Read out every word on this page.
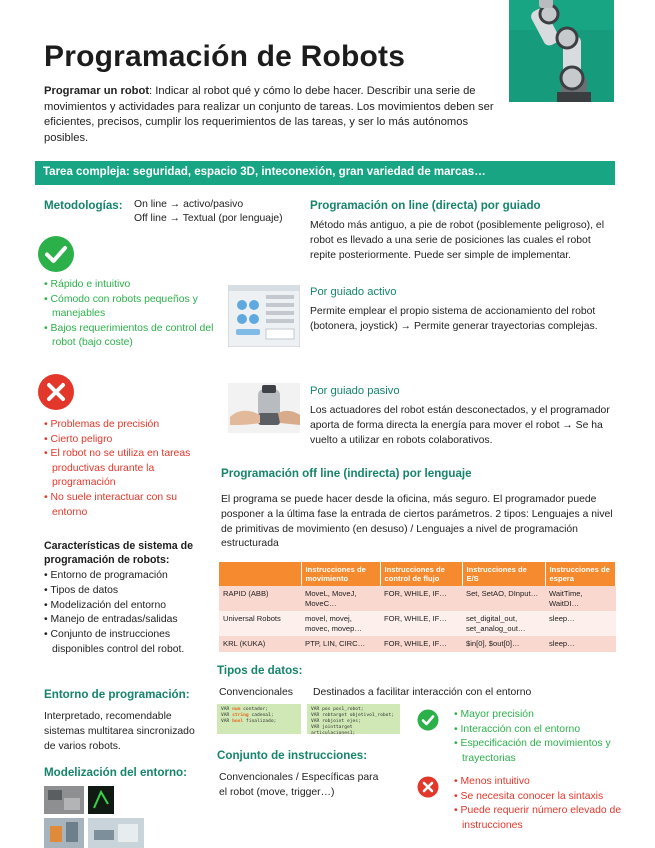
Programación de Robots
Programar un robot: Indicar al robot qué y cómo lo debe hacer. Describir una serie de movimientos y actividades para realizar un conjunto de tareas. Los movimientos deben ser eficientes, precisos, cumplir los requerimientos de las tareas, y ser lo más autónomos posibles.
Tarea compleja: seguridad, espacio 3D, inteconexión, gran variedad de marcas…
Metodologías: On line → activo/pasivo
Off line → Textual (por lenguaje)
• Rápido e intuitivo
• Cómodo con robots pequeños y manejables
• Bajos requerimientos de control del robot (bajo coste)
• Problemas de precisión
• Cierto peligro
• El robot no se utiliza en tareas productivas durante la programación
• No suele interactuar con su entorno
Características de sistema de programación de robots:
• Entorno de programación
• Tipos de datos
• Modelización del entorno
• Manejo de entradas/salidas
• Conjunto de instrucciones disponibles control del robot.
Entorno de programación:
Interpretado, recomendable sistemas multitarea sincronizado de varios robots.
Modelización del entorno:
Programación on line (directa) por guiado
Método más antiguo, a pie de robot (posiblemente peligroso), el robot es llevado a una serie de posiciones las cuales el robot repite posteriormente. Puede ser simple de implementar.
Por guiado activo
Permite emplear el propio sistema de accionamiento del robot (botonera, joystick) → Permite generar trayectorias complejas.
Por guiado pasivo
Los actuadores del robot están desconectados, y el programador aporta de forma directa la energía para mover el robot → Se ha vuelto a utilizar en robots colaborativos.
Programación off line (indirecta) por lenguaje
El programa se puede hacer desde la oficina, más seguro. El programador puede posponer a la última fase la entrada de ciertos parámetros. 2 tipos: Lenguajes a nivel de primitivas de movimiento (en desuso) / Lenguajes a nivel de programación estructurada
	Instrucciones de movimiento	Instrucciones de control de flujo	Instrucciones de E/S	Instrucciones de espera
RAPID (ABB)	MoveL, MoveJ, MoveC…	FOR, WHILE, IF…	Set, SetAO, DInput…	WaitTime, WaitDI…
Universal Robots	movel, movej, movec, movep…	FOR, WHILE, IF…	set_digital_out, set_analog_out…	sleep…
KRL (KUKA)	PTP, LIN, CIRC…	FOR, WHILE, IF…	$in[0], $out[0]…	sleep…
Tipos de datos:
Convencionales Destinados a facilitar interacción con el entorno
VAR num contador;
VAR string cadena1;
VAR bool finalizado;
VAR pos pos1_robot;
VAR robtarget objetivo1_robot;
VAR robjoint ejes;
VAR jointtarget articulaciones1;
• Mayor precisión
• Interacción con el entorno
• Especificación de movimientos y trayectorias
Conjunto de instrucciones:
Convencionales / Específicas para el robot (move, trigger…)
• Menos intuitivo
• Se necesita conocer la sintaxis
• Puede requerir número elevado de instrucciones
